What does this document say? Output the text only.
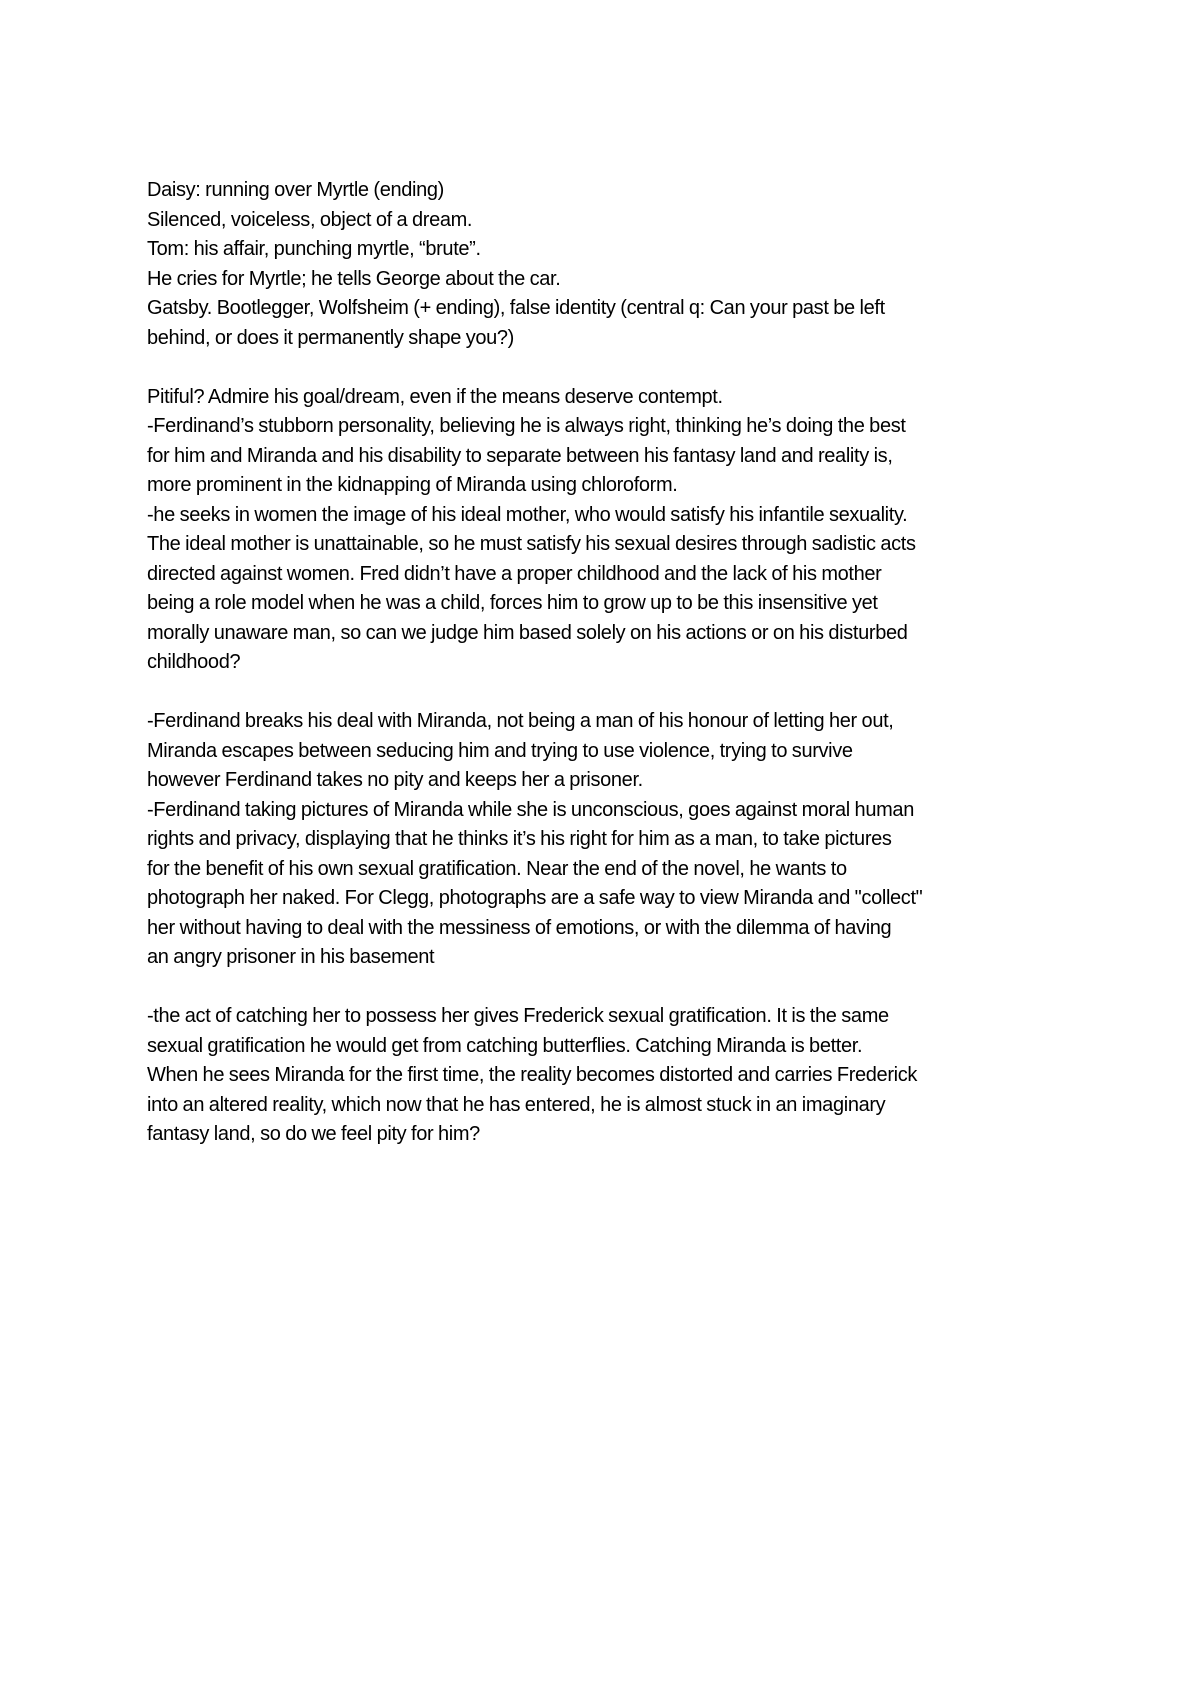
Daisy: running over Myrtle (ending)
Silenced, voiceless, object of a dream.
Tom: his affair, punching myrtle, “brute”.
He cries for Myrtle; he tells George about the car.
Gatsby. Bootlegger, Wolfsheim (+ ending), false identity (central q: Can your past be left
behind, or does it permanently shape you?)

Pitiful? Admire his goal/dream, even if the means deserve contempt.
-Ferdinand’s stubborn personality, believing he is always right, thinking he’s doing the best
for him and Miranda and his disability to separate between his fantasy land and reality is,
more prominent in the kidnapping of Miranda using chloroform.
-he seeks in women the image of his ideal mother, who would satisfy his infantile sexuality.
The ideal mother is unattainable, so he must satisfy his sexual desires through sadistic acts
directed against women. Fred didn’t have a proper childhood and the lack of his mother
being a role model when he was a child, forces him to grow up to be this insensitive yet
morally unaware man, so can we judge him based solely on his actions or on his disturbed
childhood?

-Ferdinand breaks his deal with Miranda, not being a man of his honour of letting her out,
Miranda escapes between seducing him and trying to use violence, trying to survive
however Ferdinand takes no pity and keeps her a prisoner.
-Ferdinand taking pictures of Miranda while she is unconscious, goes against moral human
rights and privacy, displaying that he thinks it’s his right for him as a man, to take pictures
for the benefit of his own sexual gratification. Near the end of the novel, he wants to
photograph her naked. For Clegg, photographs are a safe way to view Miranda and "collect"
her without having to deal with the messiness of emotions, or with the dilemma of having
an angry prisoner in his basement

-the act of catching her to possess her gives Frederick sexual gratification. It is the same
sexual gratification he would get from catching butterflies. Catching Miranda is better.
When he sees Miranda for the first time, the reality becomes distorted and carries Frederick
into an altered reality, which now that he has entered, he is almost stuck in an imaginary
fantasy land, so do we feel pity for him?
